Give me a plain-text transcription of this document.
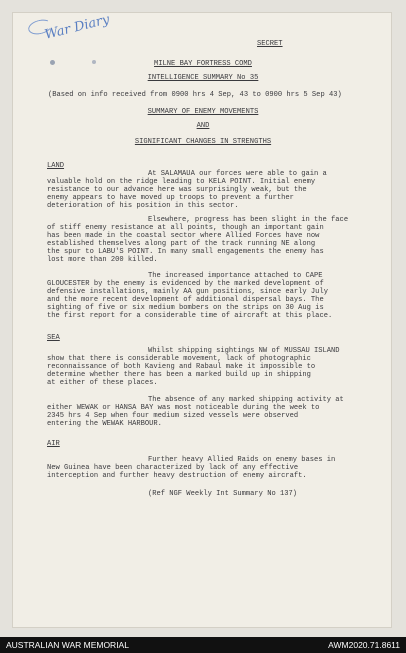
War Diary
SECRET
MILNE BAY FORTRESS COMD
INTELLIGENCE SUMMARY No 35
(Based on info received from 0900 hrs 4 Sep, 43 to 0900 hrs 5 Sep 43)
SUMMARY OF ENEMY MOVEMENTS
AND
SIGNIFICANT CHANGES IN STRENGTHS
LAND
At SALAMAUA our forces were able to gain a
valuable hold on the ridge leading to KELA POINT. Initial enemy
resistance to our advance here was surprisingly weak, but the
enemy appears to have moved up troops to prevent a further
deterioration of his position in this sector.
Elsewhere, progress has been slight in the face
of stiff enemy resistance at all points, though an important gain
has been made in the coastal sector where Allied Forces have now
established themselves along part of the track running NE along
the spur to LABU'S POINT. In many small engagements the enemy has
lost more than 200 killed.
The increased importance attached to CAPE
GLOUCESTER by the enemy is evidenced by the marked development of
defensive installations, mainly AA gun positions, since early July
and the more recent development of additional dispersal bays. The
sighting of five or six medium bombers on the strips on 30 Aug is
the first report for a considerable time of aircraft at this place.
SEA
Whilst shipping sightings NW of MUSSAU ISLAND
show that there is considerable movement, lack of photographic
reconnaissance of both Kavieng and Rabaul make it impossible to
determine whether there has been a marked build up in shipping
at either of these places.
The absence of any marked shipping activity at
either WEWAK or HANSA BAY was most noticeable during the week to
2345 hrs 4 Sep when four medium sized vessels were observed
entering the WEWAK HARBOUR.
AIR
Further heavy Allied Raids on enemy bases in
New Guinea have been characterized by lack of any effective
interception and further heavy destruction of enemy aircraft.
(Ref NGF Weekly Int Summary No 137)
AUSTRALIAN WAR MEMORIAL	AWM2020.71.8611
